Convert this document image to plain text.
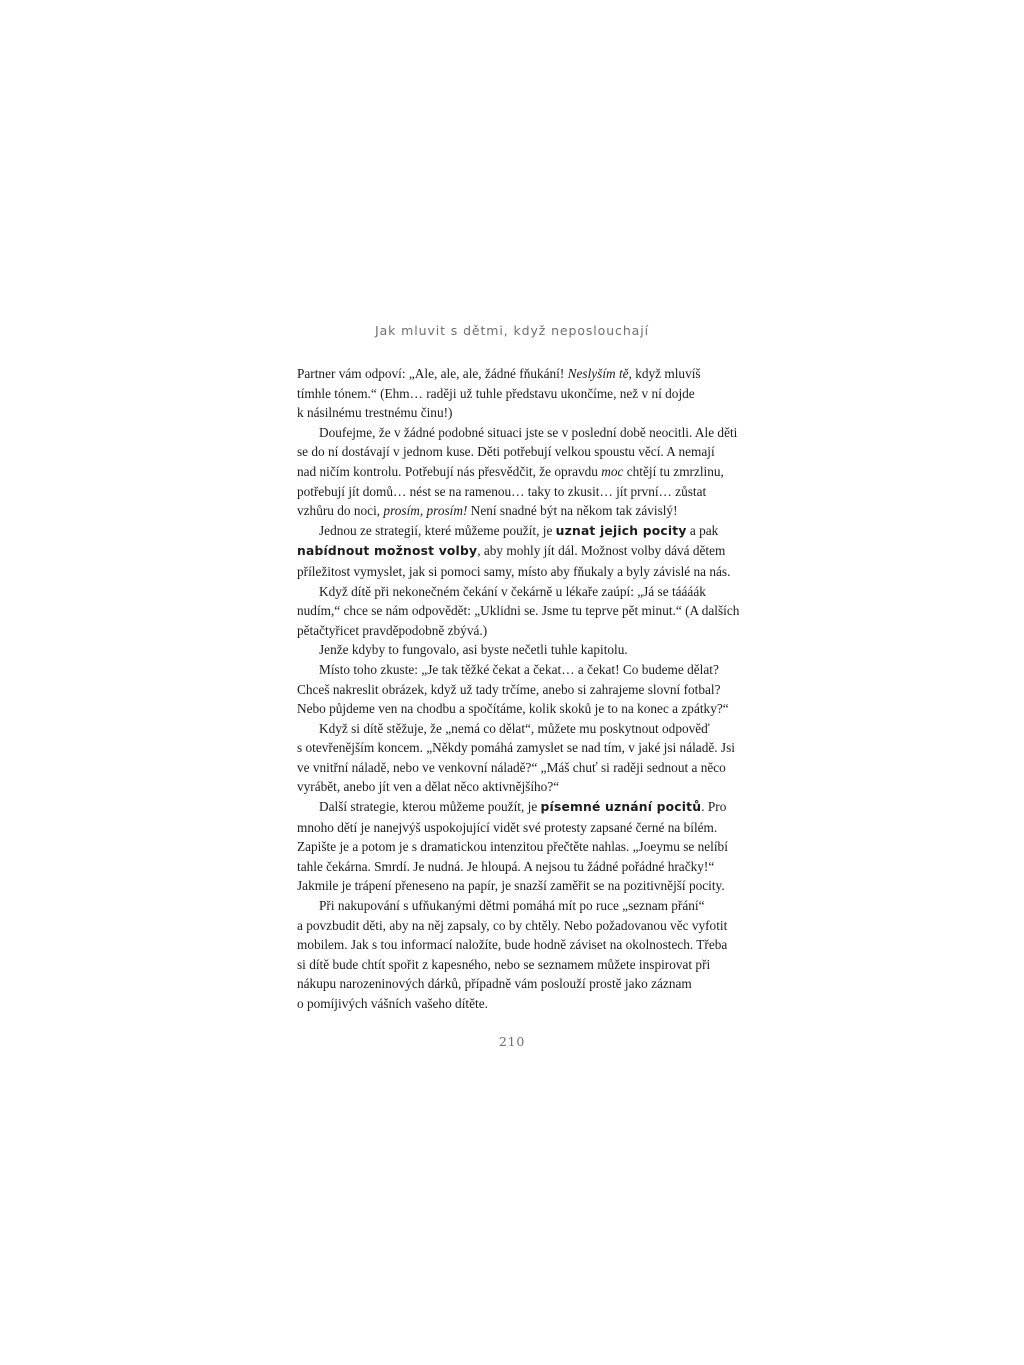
Jak mluvit s dětmi, když neposlouchají

Partner vám odpoví: „Ale, ale, ale, žádné fňukání! Neslyším tě, když mluvíš
tímhle tónem.“ (Ehm… raději už tuhle představu ukončíme, než v ní dojde
k násilnému trestnému činu!)

Doufejme, že v žádné podobné situaci jste se v poslední době neocitli. Ale děti
se do ní dostávají v jednom kuse. Děti potřebují velkou spoustu věcí. A nemají
nad ničím kontrolu. Potřebují nás přesvědčit, že opravdu moc chtějí tu zmrzlinu,
potřebují jít domů… nést se na ramenou… taky to zkusit… jít první… zůstat
vzhůru do noci, prosím, prosím! Není snadné být na někom tak závislý!

Jednou ze strategií, které můžeme použít, je uznat jejich pocity a pak
nabídnout možnost volby, aby mohly jít dál. Možnost volby dává dětem
příležitost vymyslet, jak si pomoci samy, místo aby fňukaly a byly závislé na nás.

Když dítě při nekonečném čekání v čekárně u lékaře zaúpí: „Já se táááák
nudím,“ chce se nám odpovědět: „Uklidni se. Jsme tu teprve pět minut.“ (A dalších
pětačtyřicet pravděpodobně zbývá.)

Jenže kdyby to fungovalo, asi byste nečetli tuhle kapitolu.

Místo toho zkuste: „Je tak těžké čekat a čekat… a čekat! Co budeme dělat?
Chceš nakreslit obrázek, když už tady trčíme, anebo si zahrajeme slovní fotbal?
Nebo půjdeme ven na chodbu a spočítáme, kolik skoků je to na konec a zpátky?“

Když si dítě stěžuje, že „nemá co dělat“, můžete mu poskytnout odpověď
s otevřenějším koncem. „Někdy pomáhá zamyslet se nad tím, v jaké jsi náladě. Jsi
ve vnitřní náladě, nebo ve venkovní náladě?“ „Máš chuť si raději sednout a něco
vyrábět, anebo jít ven a dělat něco aktivnějšího?“

Další strategie, kterou můžeme použít, je písemné uznání pocitů. Pro
mnoho dětí je nanejvýš uspokojující vidět své protesty zapsané černé na bílém.
Zapište je a potom je s dramatickou intenzitou přečtěte nahlas. „Joeymu se nelíbí
tahle čekárna. Smrdí. Je nudná. Je hloupá. A nejsou tu žádné pořádné hračky!“
Jakmile je trápení přeneseno na papír, je snazší zaměřit se na pozitivnější pocity.

Při nakupování s ufňukanými dětmi pomáhá mít po ruce „seznam přání“
a povzbudit děti, aby na něj zapsaly, co by chtěly. Nebo požadovanou věc vyfotit
mobilem. Jak s tou informací naložíte, bude hodně záviset na okolnostech. Třeba
si dítě bude chtít spořit z kapesného, nebo se seznamem můžete inspirovat při
nákupu narozeninových dárků, případně vám poslouží prostě jako záznam
o pomíjivých vášních vašeho dítěte.

210
